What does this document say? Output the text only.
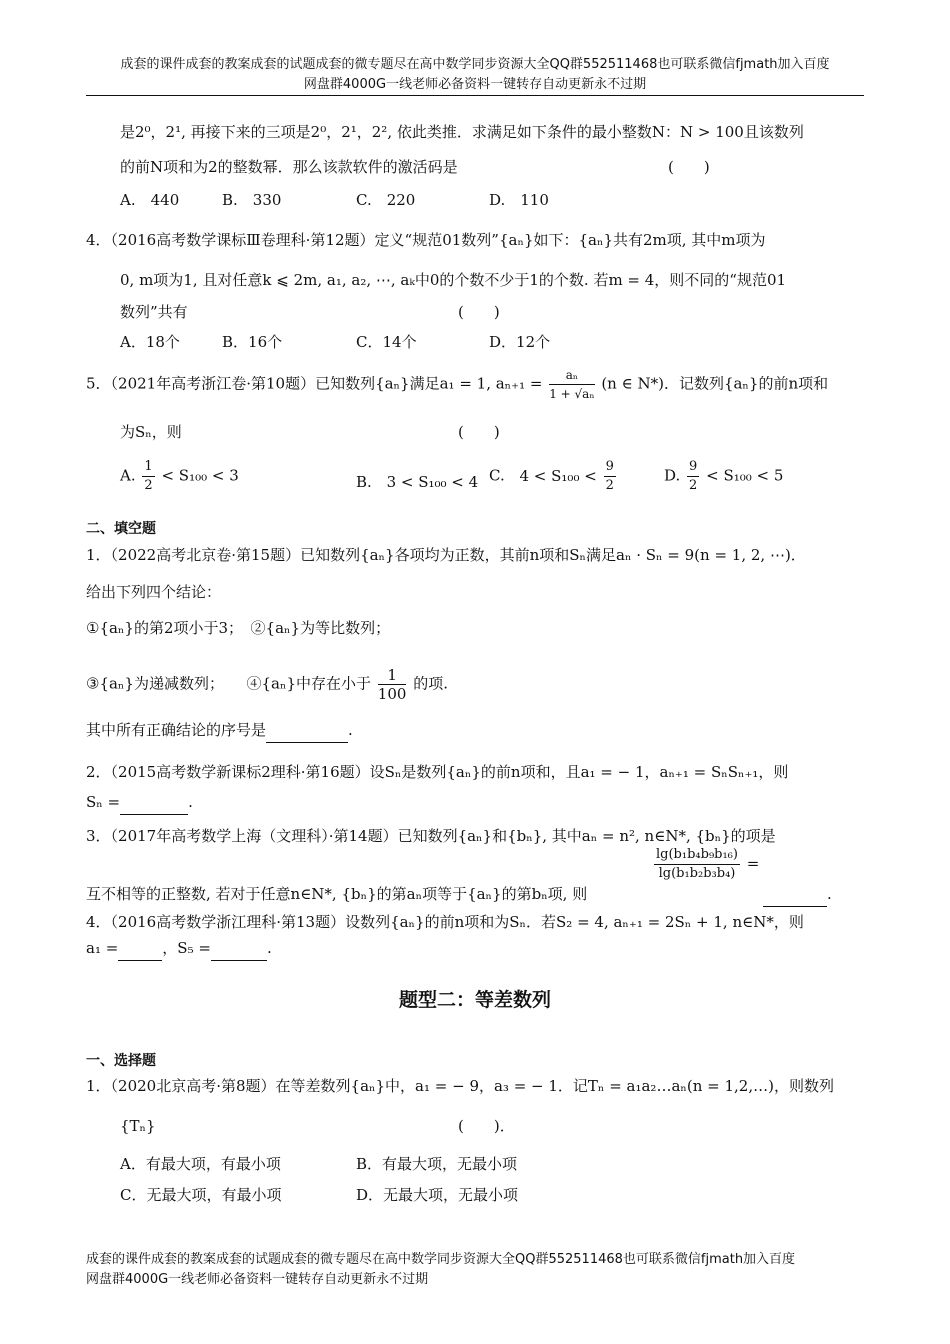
成套的课件成套的教案成套的试题成套的微专题尽在高中数学同步资源大全QQ群552511468也可联系微信fjmath加入百度
网盘群4000G一线老师必备资料一键转存自动更新永不过期
是2⁰，2¹, 再接下来的三项是2⁰，2¹，2², 依此类推．求满足如下条件的最小整数N：N > 100且该数列
的前N项和为2的整数幂．那么该款软件的激活码是	(　　)
A.　440	B.　330	C.　220	D.　110
4．（2016高考数学课标Ⅲ卷理科·第12题）定义“规范01数列”{aₙ}如下：{aₙ}共有2m项, 其中m项为
0, m项为1, 且对任意k ⩽ 2m, a₁, a₂, ⋯, aₖ中0的个数不少于1的个数. 若m = 4，则不同的“规范01
数列”共有	(　　)
A．18个	B．16个	C．14个	D．12个
5．（2021年高考浙江卷·第10题）已知数列{aₙ}满足a₁ = 1, $a_{n+1} = \frac{\text{aₙ}}{\text{1 + √aₙ}} (n$ ∈ N*)．记数列{aₙ}的前n项和
为Sₙ，则	(　　)
A. $\frac{1}{2} < S_{100} < 3$	B. 3 < S₁₀₀ < 4 C. $4 < S_{100} < \frac{9}{2}$	D. $\frac{9}{2} < S_{100} < 5$
二、填空题
1．（2022高考北京卷·第15题）已知数列{aₙ}各项均为正数，其前n项和Sₙ满足aₙ · Sₙ = 9(n = 1, 2, ⋯)．
给出下列四个结论：
①{aₙ}的第2项小于3；　②{aₙ}为等比数列；
③{aₙ}为递减数列；　　④{aₙ}中存在小于 $\frac{1}{100}$ 的项.
其中所有正确结论的序号是	.
2．（2015高考数学新课标2理科·第16题）设Sₙ是数列{aₙ}的前n项和，且a₁ = − 1，aₙ₊₁ = SₙSₙ₊₁，则
Sₙ =	.
3．（2017年高考数学上海（文理科）·第14题）已知数列{aₙ}和{bₙ}, 其中aₙ = n², n∈N*, {bₙ}的项是
$\frac{\text{lg(b₁b₄b₉b₁₆)}}{\text{lg(b₁b₂b₃b₄)}}$ =
互不相等的正整数, 若对于任意n∈N*, {bₙ}的第aₙ项等于{aₙ}的第bₙ项, 则	.
4．（2016高考数学浙江理科·第13题）设数列{aₙ}的前n项和为Sₙ．若S₂ = 4, aₙ₊₁ = 2Sₙ + 1, n∈N*，则
a₁ =	，S₅ =	.
题型二：等差数列
一、选择题
1．（2020北京高考·第8题）在等差数列{aₙ}中，a₁ = − 9，a₃ = − 1．记Tₙ = a₁a₂…aₙ(n = 1,2,…)，则数列
{Tₙ}	(　　)．
A．有最大项，有最小项	B．有最大项，无最小项
C．无最大项，有最小项	D．无最大项，无最小项
成套的课件成套的教案成套的试题成套的微专题尽在高中数学同步资源大全QQ群552511468也可联系微信fjmath加入百度
网盘群4000G一线老师必备资料一键转存自动更新永不过期
